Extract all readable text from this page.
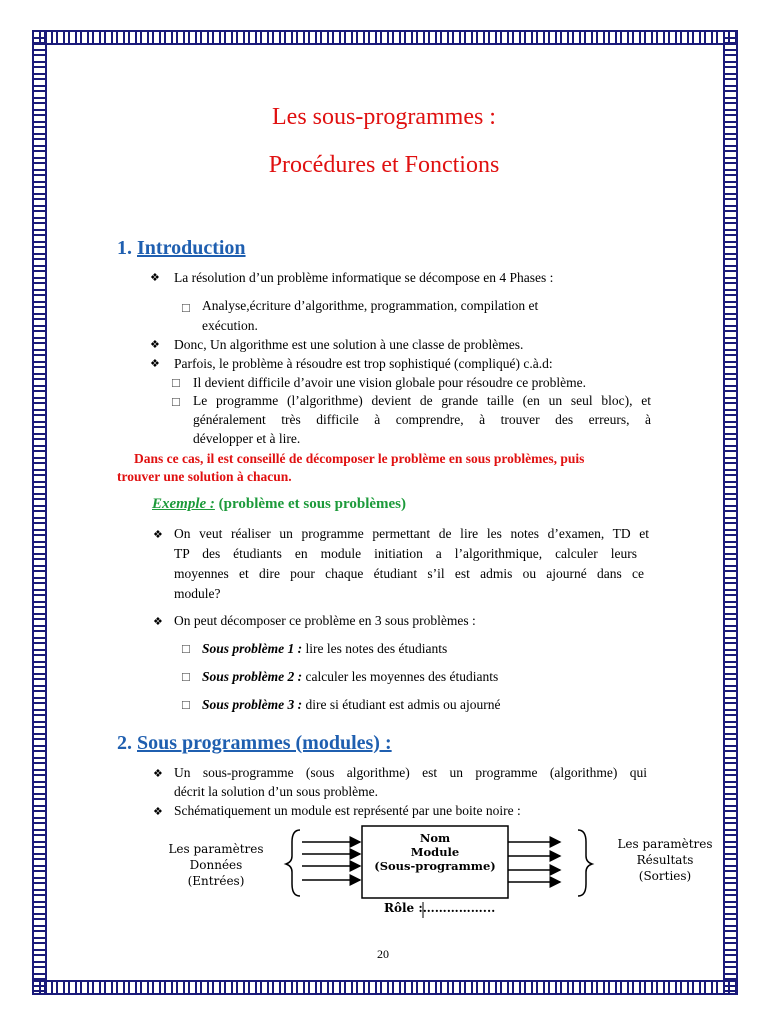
Les sous-programmes :
Procédures et Fonctions
1. Introduction
❖ La résolution d’un problème informatique se décompose en 4 Phases :
☐ Analyse,écriture d’algorithme, programmation, compilation et
exécution.
❖ Donc, Un algorithme est une solution à une classe de problèmes.
❖ Parfois, le problème à résoudre est trop sophistiqué (compliqué) c.à.d:
☐ Il devient difficile d’avoir une vision globale pour résoudre ce problème.
☐ Le programme (l’algorithme) devient de grande taille (en un seul bloc), et
généralement très difficile à comprendre, à trouver des erreurs, à
développer et à lire.
Dans ce cas, il est conseillé de décomposer le problème en sous problèmes, puis
trouver une solution à chacun.
Exemple : (problème et sous problèmes)
❖ On veut réaliser un programme permettant de lire les notes d’examen, TD et
TP des étudiants en module initiation a l’algorithmique, calculer leurs
moyennes et dire pour chaque étudiant s’il est admis ou ajourné dans ce
module?
❖ On peut décomposer ce problème en 3 sous problèmes :
☐ Sous problème 1 : lire les notes des étudiants
☐ Sous problème 2 : calculer les moyennes des étudiants
☐ Sous problème 3 : dire si étudiant est admis ou ajourné
2. Sous programmes (modules) :
❖ Un sous-programme (sous algorithme) est un programme (algorithme) qui
décrit la solution d’un sous problème.
❖ Schématiquement un module est représenté par une boite noire :
Les paramètres
Données
(Entrées)
Nom
Module
(Sous-programme)
Les paramètres
Résultats
(Sorties)
Rôle :……………...
20
